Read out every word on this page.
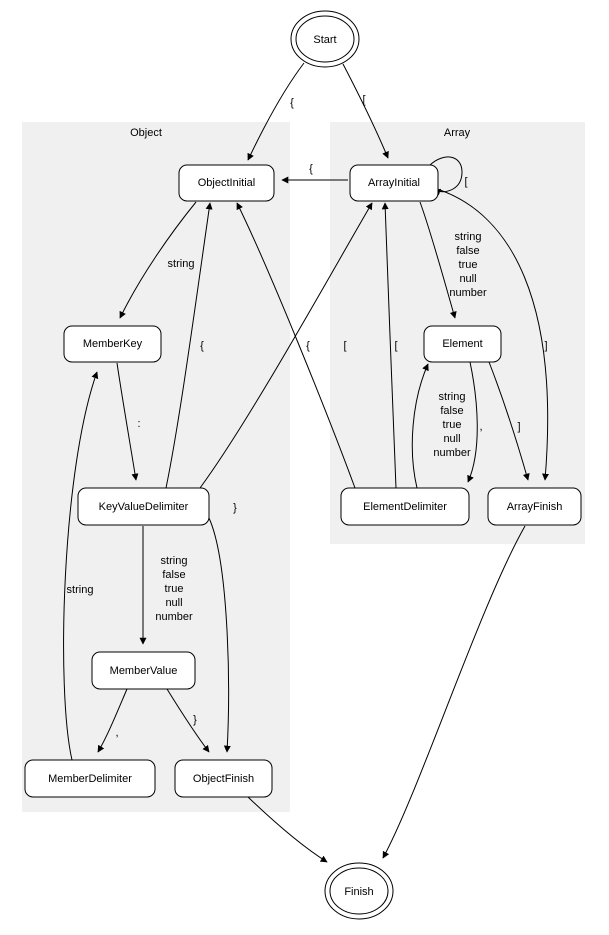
Object	Array
Start
ObjectInitial	ArrayInitial
MemberKey	Element
KeyValueDelimiter	ElementDelimiter	ArrayFinish
MemberValue
MemberDelimiter	ObjectFinish
Finish
{	[
{
[
string
string
false
true
null
number
:
{	[	[
{	]
string
false
true
null
number
,	]
string
false
true
null
number
}
string
,
}
